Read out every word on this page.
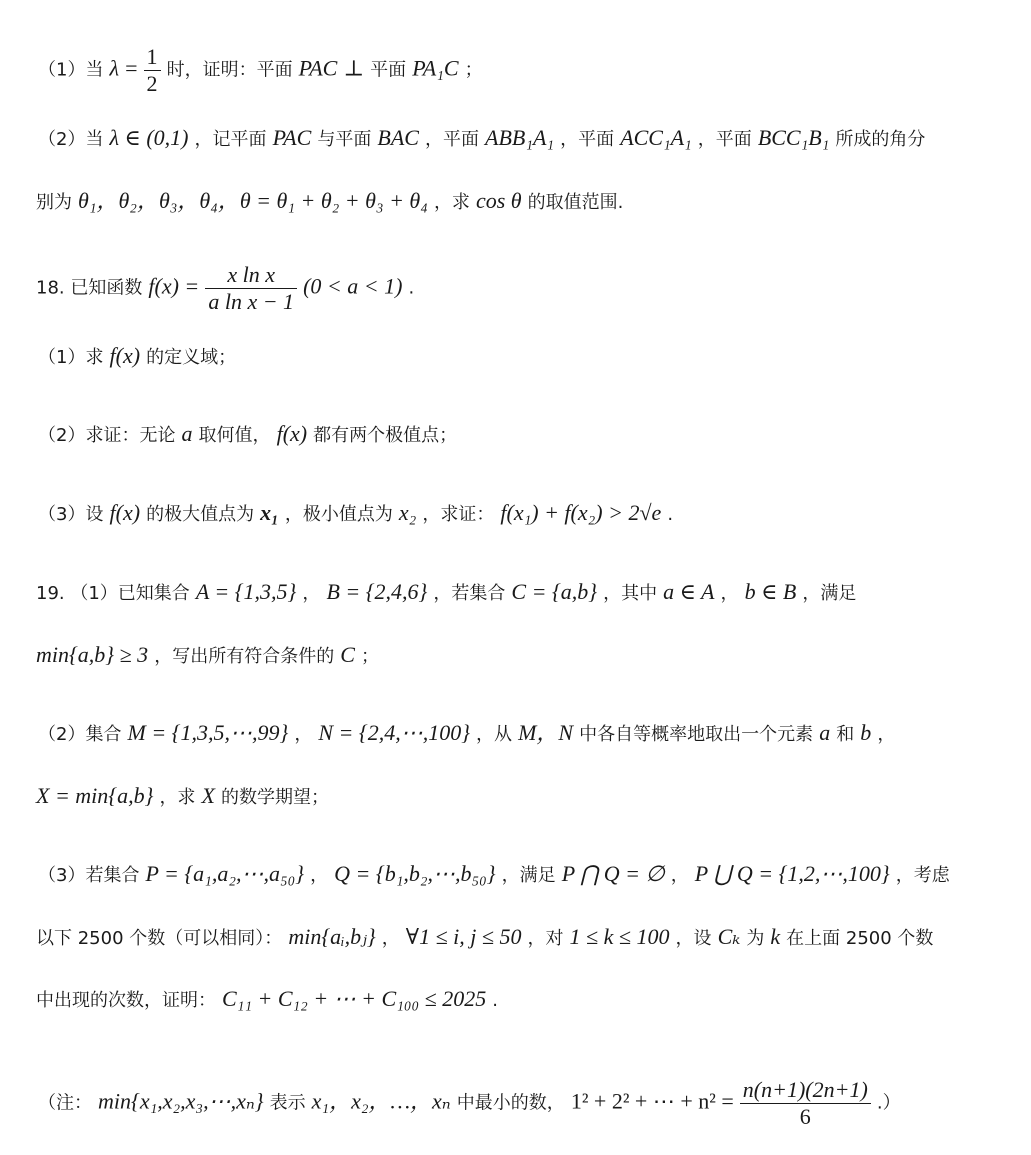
（1）当 $\lambda = \frac{1}{2}$ 时，证明：平面 PAC ⊥ 平面 PA₁C ；
（2）当 λ ∈ (0,1) ，记平面 PAC 与平面 BAC ，平面 ABB₁A₁ ，平面 ACC₁A₁ ，平面 BCC₁B₁ 所成的角分
别为 θ₁，θ₂，θ₃，θ₄，θ = θ₁ + θ₂ + θ₃ + θ₄ ，求 cos θ 的取值范围.
18. 已知函数 $f(x) = \frac{\text{x ln x}}{\text{a ln x − 1}} (0 < a < 1)$ .
（1）求 f(x) 的定义域；
（2）求证：无论 a 取何值， f(x) 都有两个极值点；
（3）设 f(x) 的极大值点为 x₁ ，极小值点为 x₂ ，求证： f(x₁) + f(x₂) > 2√e .
19. （1）已知集合 A = {1,3,5} ， B = {2,4,6} ，若集合 C = {a,b} ，其中 a ∈ A ， b ∈ B ，满足
min{a,b} ≥ 3 ，写出所有符合条件的 C ；
（2）集合 M = {1,3,5,⋯,99} ， N = {2,4,⋯,100} ，从 M，N 中各自等概率地取出一个元素 a 和 b ，
X = min{a,b} ，求 X 的数学期望；
（3）若集合 P = {a₁,a₂,⋯,a₅₀} ， Q = {b₁,b₂,⋯,b₅₀} ，满足 P ⋂ Q = ∅ ， P ⋃ Q = {1,2,⋯,100} ，考虑
以下 2500 个数（可以相同）： min{aᵢ,bⱼ} ， ∀1 ≤ i, j ≤ 50 ，对 1 ≤ k ≤ 100 ，设 Cₖ 为 k 在上面 2500 个数
中出现的次数，证明： C₁₁ + C₁₂ + ⋯ + C₁₀₀ ≤ 2025 .
（注： min{x₁,x₂,x₃,⋯,xₙ} 表示 x₁，x₂，…，xₙ 中最小的数， 1² + 2² + ⋯ + $n^2 = \frac{n(n+1)(2n+1)}{6}$ .）
